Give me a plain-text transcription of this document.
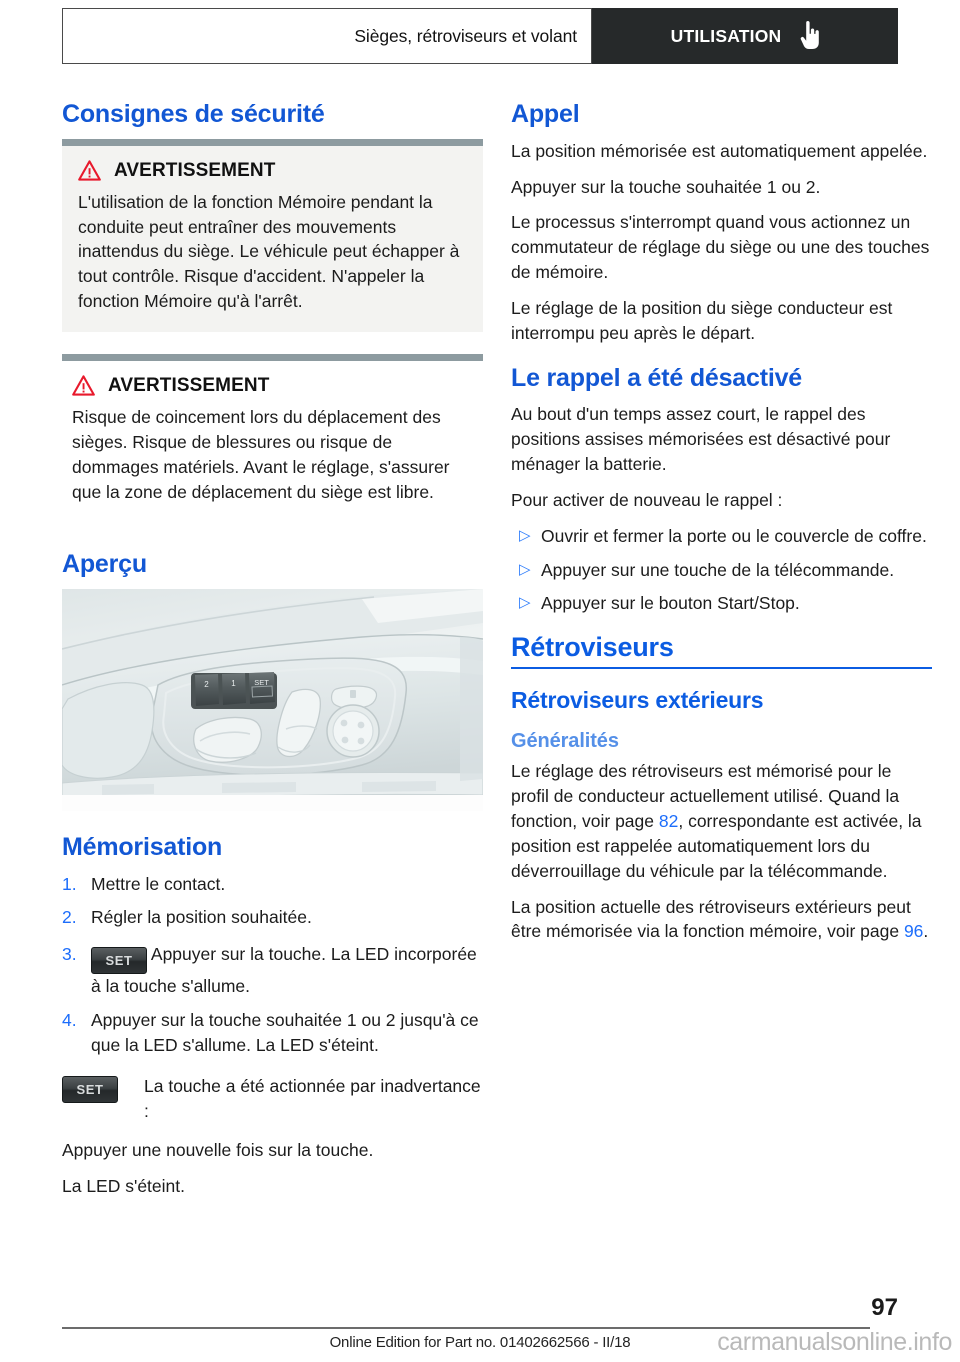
Sièges, rétroviseurs et volant	UTILISATION
Consignes de sécurité
AVERTISSEMENT
L'utilisation de la fonction Mémoire pendant la conduite peut entraîner des mouvements inattendus du siège. Le véhicule peut échapper à tout contrôle. Risque d'accident. N'appeler la fonction Mémoire qu'à l'arrêt.
AVERTISSEMENT
Risque de coincement lors du déplacement des sièges. Risque de blessures ou risque de dommages matériels. Avant le réglage, s'assurer que la zone de déplacement du siège est libre.
Aperçu
2	1 SET
Mémorisation
1. Mettre le contact.
2. Régler la position souhaitée.
3.	SET Appuyer sur la touche. La LED incorporée à la touche s'allume.
4. Appuyer sur la touche souhaitée 1 ou 2 jusqu'à ce que la LED s'allume. La LED s'éteint.
SET	La touche a été actionnée par inadvertance :

Appuyer une nouvelle fois sur la touche.

La LED s'éteint.

Appel

La position mémorisée est automatiquement appelée.

Appuyer sur la touche souhaitée 1 ou 2.

Le processus s'interrompt quand vous actionnez un commutateur de réglage du siège ou une des touches de mémoire.

Le réglage de la position du siège conducteur est interrompu peu après le départ.

Le rappel a été désactivé

Au bout d'un temps assez court, le rappel des positions assises mémorisées est désactivé pour ménager la batterie.

Pour activer de nouveau le rappel :

▷ Ouvrir et fermer la porte ou le couvercle de coffre.
▷ Appuyer sur une touche de la télécommande.
▷ Appuyer sur le bouton Start/Stop.
Rétroviseurs
Rétroviseurs extérieurs
Généralités

Le réglage des rétroviseurs est mémorisé pour le profil de conducteur actuellement utilisé. Quand la fonction, voir page 82, correspondante est activée, la position est rappelée automatiquement lors du déverrouillage du véhicule par la télécommande.

La position actuelle des rétroviseurs extérieurs peut être mémorisée via la fonction mémoire, voir page 96.

97
Online Edition for Part no. 01402662566 - II/18	carmanualsonline.info
